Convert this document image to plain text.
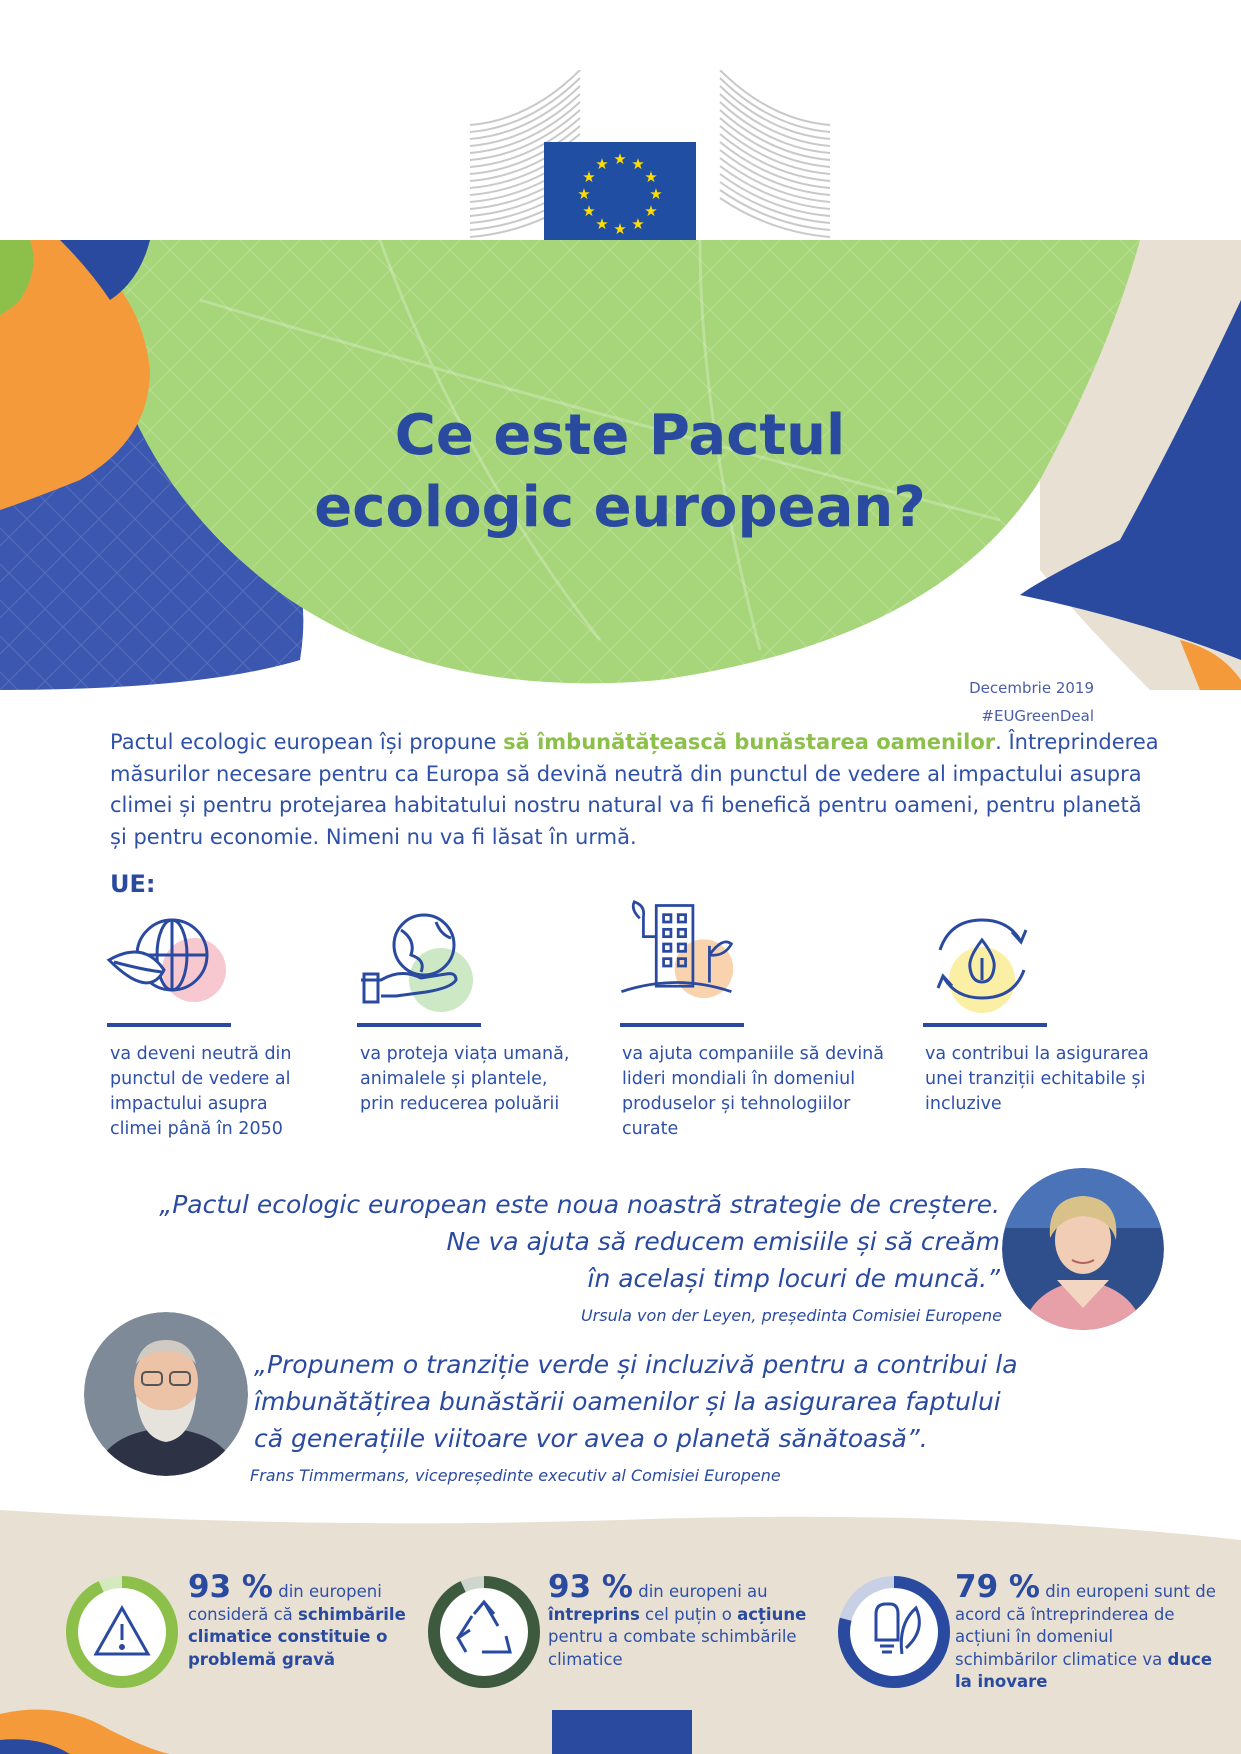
★ ★
★
★
★
★
★
★
★
★
★
★
Ce este Pactul
ecologic european?
Decembrie 2019
#EUGreenDeal

Pactul ecologic european își propune să îmbunătățească bunăstarea oamenilor. Întreprinderea măsurilor necesare pentru ca Europa să devină neutră din punctul de vedere al impactului asupra climei și pentru protejarea habitatului nostru natural va fi benefică pentru oameni, pentru planetă și pentru economie. Nimeni nu va fi lăsat în urmă.

UE:
va deveni neutră din punctul de vedere al impactului asupra climei până în 2050
va proteja viața umană, animalele și plantele, prin reducerea poluării
va ajuta companiile să devină lideri mondiali în domeniul produselor și tehnologiilor curate
va contribui la asigurarea unei tranziții echitabile și incluzive
„Pactul ecologic european este noua noastră strategie de creștere.
Ne va ajuta să reducem emisiile și să creăm
în același timp locuri de muncă.”
Ursula von der Leyen, președinta Comisiei Europene
„Propunem o tranziție verde și incluzivă pentru a contribui la
îmbunătățirea bunăstării oamenilor și la asigurarea faptului
că generațiile viitoare vor avea o planetă sănătoasă”.
Frans Timmermans, vicepreședinte executiv al Comisiei Europene
93 % din europeni consideră că schimbările climatice constituie o problemă gravă
93 % din europeni au întreprins cel puțin o acțiune pentru a combate schimbările climatice
79 % din europeni sunt de acord că întreprinderea de acțiuni în domeniul schimbărilor climatice va duce la inovare
